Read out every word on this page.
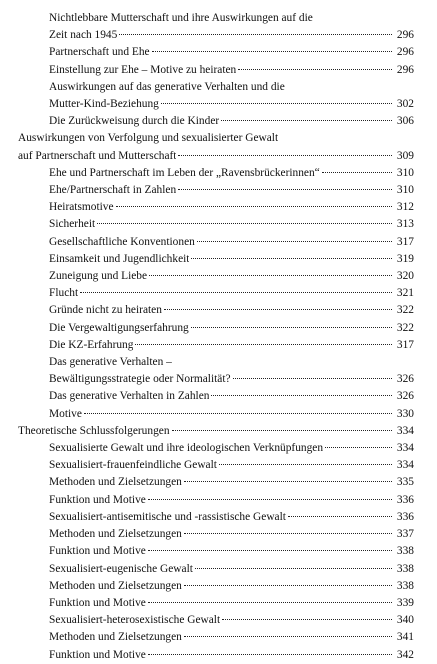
Nichtlebbare Mutterschaft und ihre Auswirkungen auf die
Zeit nach 1945	296
Partnerschaft und Ehe	296
Einstellung zur Ehe – Motive zu heiraten	296
Auswirkungen auf das generative Verhalten und die
Mutter-Kind-Beziehung	302
Die Zurückweisung durch die Kinder	306
Auswirkungen von Verfolgung und sexualisierter Gewalt
auf Partnerschaft und Mutterschaft	309
Ehe und Partnerschaft im Leben der „Ravensbrückerinnen“	310
Ehe/Partnerschaft in Zahlen	310
Heiratsmotive	312
Sicherheit	313
Gesellschaftliche Konventionen	317
Einsamkeit und Jugendlichkeit	319
Zuneigung und Liebe	320
Flucht	321
Gründe nicht zu heiraten	322
Die Vergewaltigungserfahrung	322
Die KZ-Erfahrung	317
Das generative Verhalten –
Bewältigungsstrategie oder Normalität?	326
Das generative Verhalten in Zahlen	326
Motive	330
Theoretische Schlussfolgerungen	334
Sexualisierte Gewalt und ihre ideologischen Verknüpfungen	334
Sexualisiert-frauenfeindliche Gewalt	334
Methoden und Zielsetzungen	335
Funktion und Motive	336
Sexualisiert-antisemitische und -rassistische Gewalt	336
Methoden und Zielsetzungen	337
Funktion und Motive	338
Sexualisiert-eugenische Gewalt	338
Methoden und Zielsetzungen	338
Funktion und Motive	339
Sexualisiert-heterosexistische Gewalt	340
Methoden und Zielsetzungen	341
Funktion und Motive	342
